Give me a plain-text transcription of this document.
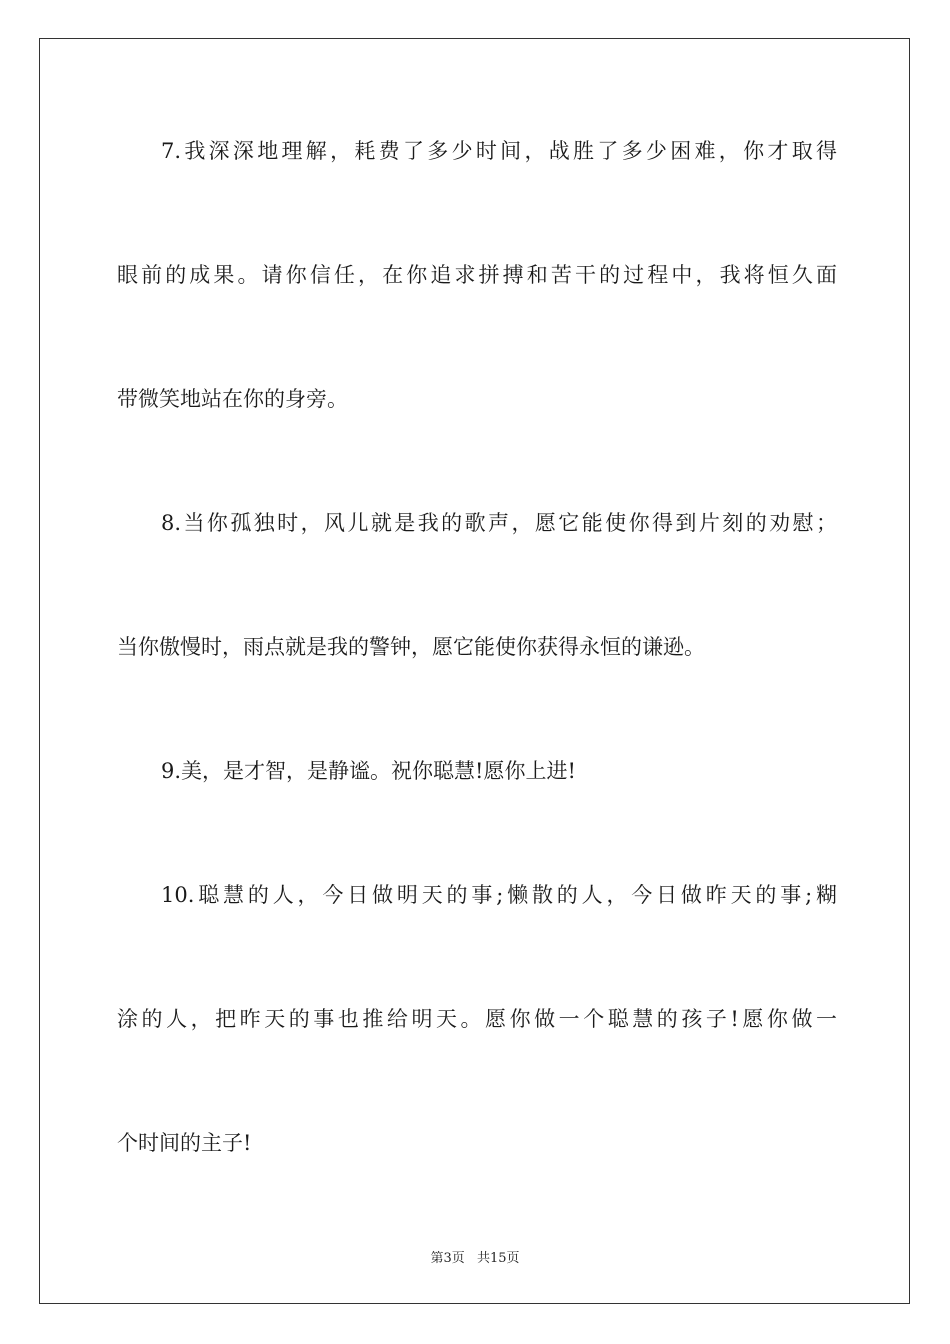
7.我深深地理解，耗费了多少时间，战胜了多少困难，你才取得
眼前的成果。请你信任，在你追求拼搏和苦干的过程中，我将恒久面
带微笑地站在你的身旁。
8.当你孤独时，风儿就是我的歌声，愿它能使你得到片刻的劝慰；
当你傲慢时，雨点就是我的警钟，愿它能使你获得永恒的谦逊。
9.美，是才智，是静谧。祝你聪慧!愿你上进!
10.聪慧的人，今日做明天的事;懒散的人，今日做昨天的事;糊
涂的人，把昨天的事也推给明天。愿你做一个聪慧的孩子!愿你做一
个时间的主子!
第3页 共15页
